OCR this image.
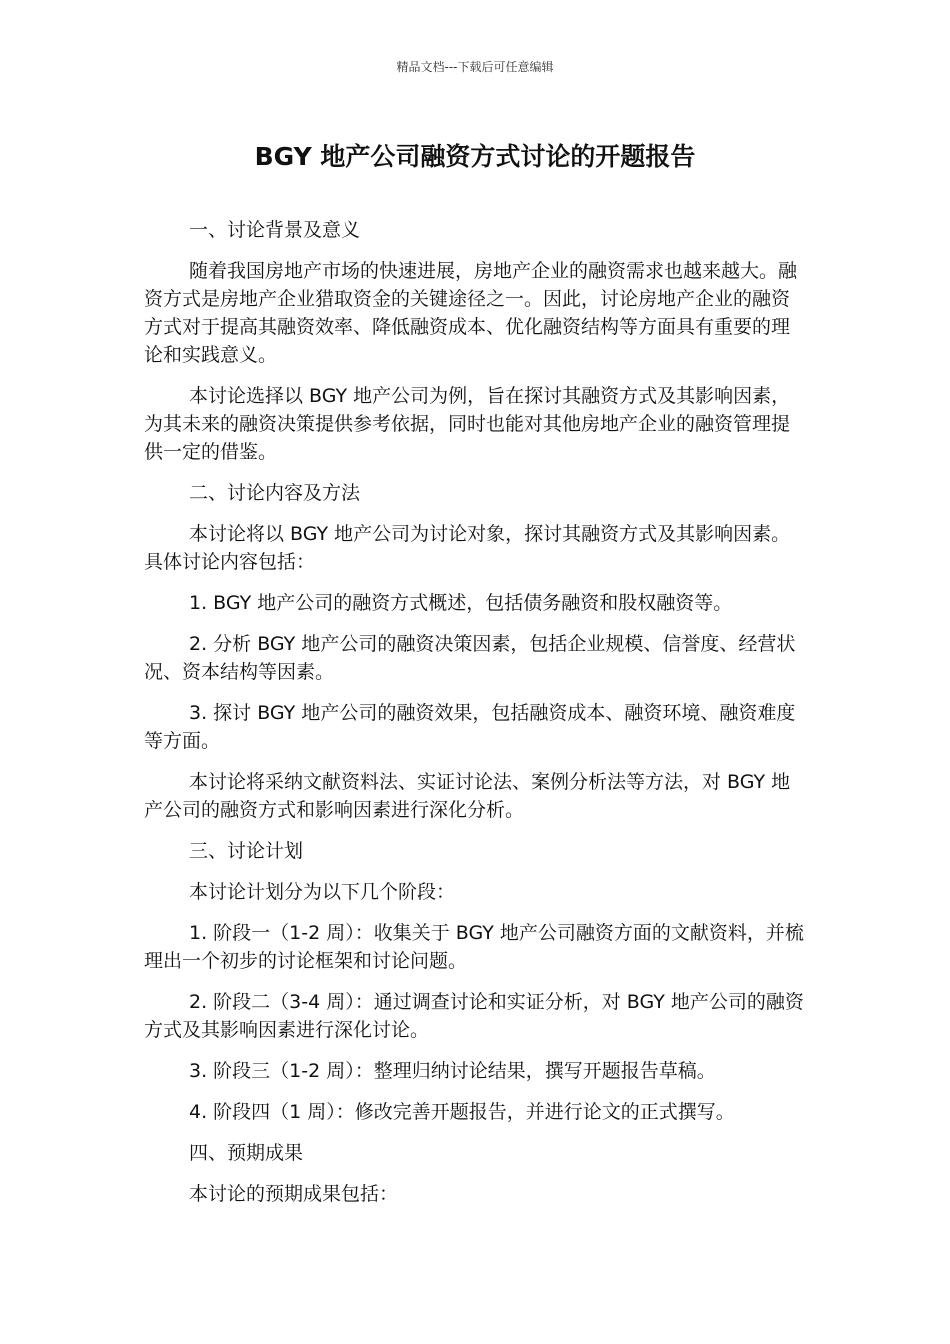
精品文档---下载后可任意编辑
BGY 地产公司融资方式讨论的开题报告

一、讨论背景及意义

随着我国房地产市场的快速进展，房地产企业的融资需求也越来越大。融资方式是房地产企业猎取资金的关键途径之一。因此，讨论房地产企业的融资方式对于提高其融资效率、降低融资成本、优化融资结构等方面具有重要的理论和实践意义。

本讨论选择以 BGY 地产公司为例，旨在探讨其融资方式及其影响因素，为其未来的融资决策提供参考依据，同时也能对其他房地产企业的融资管理提供一定的借鉴。

二、讨论内容及方法

本讨论将以 BGY 地产公司为讨论对象，探讨其融资方式及其影响因素。具体讨论内容包括：

1. BGY 地产公司的融资方式概述，包括债务融资和股权融资等。

2. 分析 BGY 地产公司的融资决策因素，包括企业规模、信誉度、经营状况、资本结构等因素。

3. 探讨 BGY 地产公司的融资效果，包括融资成本、融资环境、融资难度等方面。

本讨论将采纳文献资料法、实证讨论法、案例分析法等方法，对 BGY 地产公司的融资方式和影响因素进行深化分析。

三、讨论计划

本讨论计划分为以下几个阶段：

1. 阶段一（1-2 周）：收集关于 BGY 地产公司融资方面的文献资料，并梳理出一个初步的讨论框架和讨论问题。

2. 阶段二（3-4 周）：通过调查讨论和实证分析，对 BGY 地产公司的融资方式及其影响因素进行深化讨论。

3. 阶段三（1-2 周）：整理归纳讨论结果，撰写开题报告草稿。

4. 阶段四（1 周）：修改完善开题报告，并进行论文的正式撰写。

四、预期成果

本讨论的预期成果包括：
